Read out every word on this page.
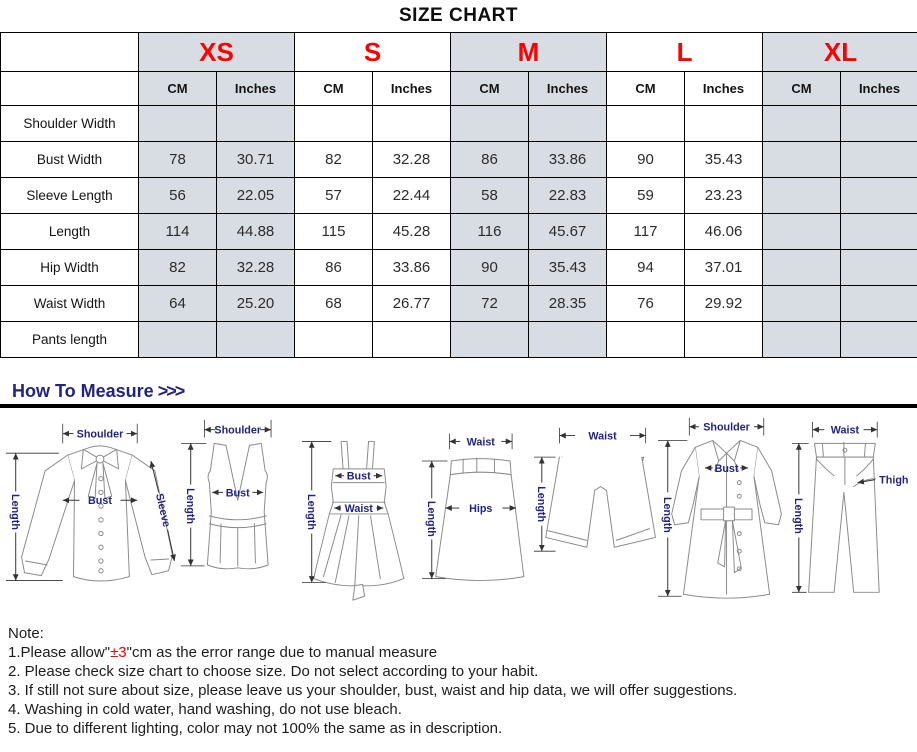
SIZE CHART
	XS		S		M		L		XL	
	CM	Inches	CM	Inches	CM	Inches	CM	Inches	CM	Inches
Shoulder Width										
Bust Width	78	30.71	82	32.28	86	33.86	90	35.43		
Sleeve Length	56	22.05	57	22.44	58	22.83	59	23.23		
Length	114	44.88	115	45.28	116	45.67	117	46.06		
Hip Width	82	32.28	86	33.86	90	35.43	94	37.01		
Waist Width	64	25.20	68	26.77	72	28.35	76	29.92		
Pants length										
How To Measure >>>
Shoulder
Bust	Sleeve
Length
Shoulder
Bust
Length
Bust
Waist
Length
Waist
Hips
Length
Waist
Length
Shoulder
Bust
Length
Waist
Thigh
Length
Note:
1.Please allow"±3"cm as the error range due to manual measure
2. Please check size chart to choose size. Do not select according to your habit.
3. If still not sure about size, please leave us your shoulder, bust, waist and hip data, we will offer suggestions.
4. Washing in cold water, hand washing, do not use bleach.
5. Due to different lighting, color may not 100% the same as in description.
